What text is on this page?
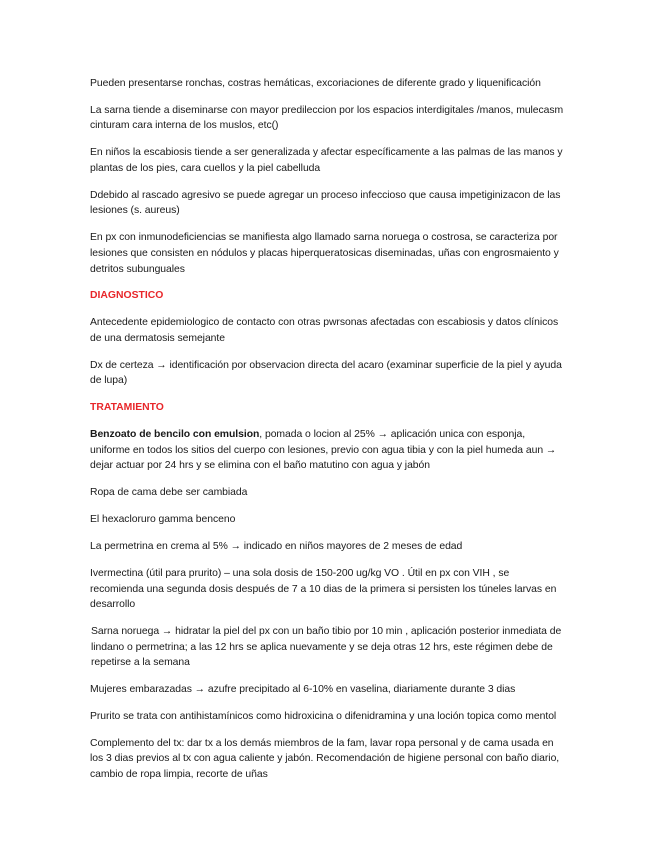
Pueden presentarse ronchas, costras hemáticas, excoriaciones de diferente grado y liquenificación

La sarna tiende a diseminarse con mayor predileccion por los espacios interdigitales /manos, mulecasm cinturam cara interna de los muslos, etc()

En niños la escabiosis tiende a ser generalizada y afectar específicamente a las palmas de las manos y plantas de los pies, cara cuellos y la piel cabelluda

Ddebido al rascado agresivo se puede agregar un proceso infeccioso que causa impetiginizacon de las lesiones (s. aureus)

En px con inmunodeficiencias se manifiesta algo llamado sarna noruega o costrosa, se caracteriza por lesiones que consisten en nódulos y placas hiperqueratosicas diseminadas, uñas con engrosmaiento y detritos subunguales

DIAGNOSTICO

Antecedente epidemiologico de contacto con otras pwrsonas afectadas con escabiosis y datos clínicos de una dermatosis semejante

Dx de certeza → identificación por observacion directa del acaro (examinar superficie de la piel y ayuda de lupa)

TRATAMIENTO

Benzoato de bencilo con emulsion, pomada o locion al 25% → aplicación unica con esponja, uniforme en todos los sitios del cuerpo con lesiones, previo con agua tibia y con la piel humeda aun → dejar actuar por 24 hrs y se elimina con el baño matutino con agua y jabón

Ropa de cama debe ser cambiada

El hexacloruro gamma benceno

La permetrina en crema al 5% → indicado en niños mayores de 2 meses de edad

Ivermectina (útil para prurito) – una sola dosis de 150-200 ug/kg VO . Útil en px con VIH , se recomienda una segunda dosis después de 7 a 10 dias de la primera si persisten los túneles larvas en desarrollo

Sarna noruega → hidratar la piel del px con un baño tibio por 10 min , aplicación posterior inmediata de lindano o permetrina; a las 12 hrs se aplica nuevamente y se deja otras 12 hrs, este régimen debe de repetirse a la semana

Mujeres embarazadas → azufre precipitado al 6-10% en vaselina, diariamente durante 3 dias

Prurito se trata con antihistamínicos como hidroxicina o difenidramina y una loción topica como mentol

Complemento del tx: dar tx a los demás miembros de la fam, lavar ropa personal y de cama usada en los 3 dias previos al tx con agua caliente y jabón. Recomendación de higiene personal con baño diario, cambio de ropa limpia, recorte de uñas
